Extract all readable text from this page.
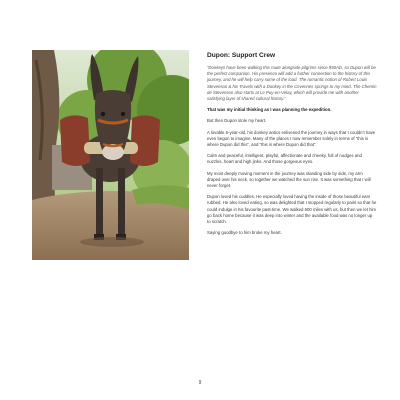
Dupon: Support Crew

“Donkeys have been walking this route alongside pilgrims since 950AD, so Dupon will be the perfect companion. His presence will add a further connection to the history of this journey, and he will help carry some of the load. The romantic notion of Robert Louis Stevenson & his Travels with a Donkey in the Cevennes springs to my mind. The Chemin de Stevenson also starts at Le Puy-en-Velay, which will provide me with another satisfying layer of shared cultural history.”

That was my initial thinking as I was planning the expedition.

But then Dupon stole my heart.

A lovable 5-year-old, his donkey antics enlivened the journey in ways that I couldn’t have even begun to imagine. Many of the places I now remember solely in terms of “this is where Dupon did this”, and “this is where Dupon did that”.

Calm and peaceful, intelligent, playful, affectionate and cheeky, full of nudges and nuzzles, heart and high jinks. And those gorgeous eyes.

My most deeply moving moment in the journey was standing side by side, my arm draped over his neck, so together we watched the sun rise. It was something that I will never forget.

Dupon loved his cuddles. He especially loved having the inside of those beautiful ears rubbed. He also loved eating, so was delighted that I stopped regularly to paint so that he could indulge in his favourite past-time. We walked 600 miles with us, but then we let him go back home because it was deep into winter and the available food was no longer up to scratch.

Saying goodbye to him broke my heart.

9
